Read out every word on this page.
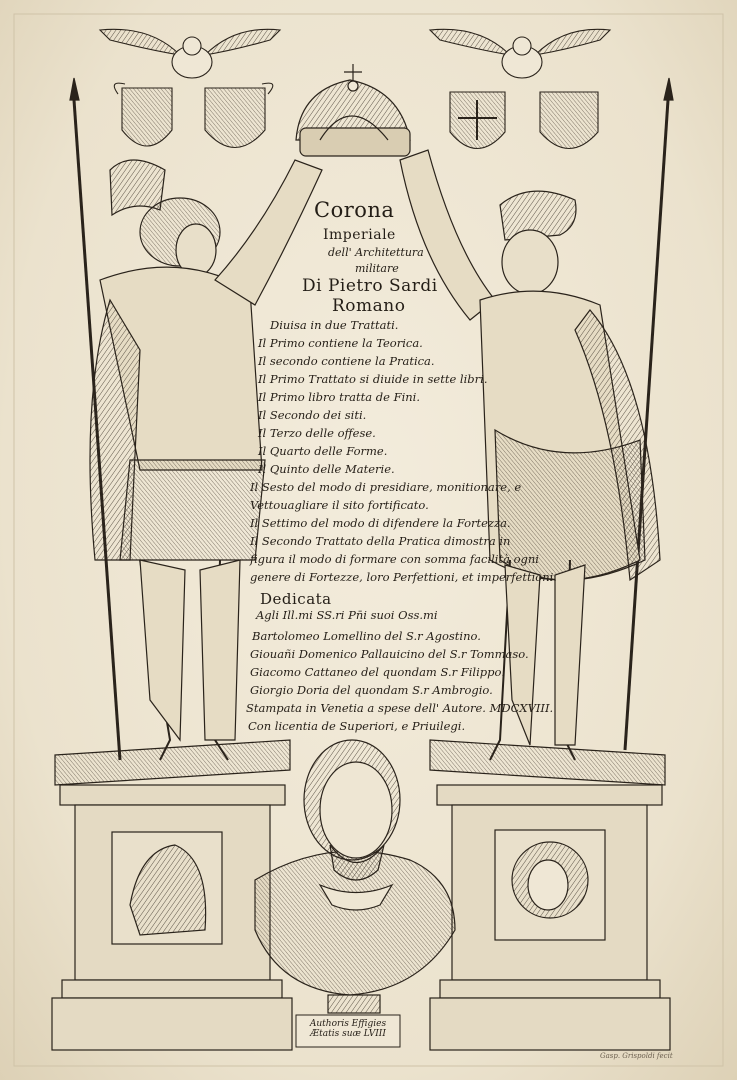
Corona
Imperiale
dell' Architettura
militare
Di Pietro Sardi
Romano
Diuisa in due Trattati.
Il Primo contiene la Teorica.
Il secondo contiene la Pratica.
Il Primo Trattato si diuide in sette libri.
Il Primo libro tratta de Fini.
Il Secondo dei siti.
Il Terzo delle offese.
Il Quarto delle Forme.
Il Quinto delle Materie.
Il Sesto del modo di presidiare, monitionare, e
Vettouagliare il sito fortificato.
Il Settimo del modo di difendere la Fortezza.
Il Secondo Trattato della Pratica dimostra in
figura il modo di formare con somma facilità ogni
genere di Fortezze, loro Perfettioni, et imperfettioni.
Dedicata
Agli Ill.mi SS.ri Pn̄i suoi Oss.mi
Bartolomeo Lomellino del S.r Agostino.
Giouañi Domenico Pallauicino del S.r Tommaso.
Giacomo Cattaneo del quondam S.r Filippo.
Giorgio Doria del quondam S.r Ambrogio.
Stampata in Venetia a spese dell' Autore. MDCXVIII.
Con licentia de Superiori, e Priuilegi.
Authoris Effigies
Ætatis suæ LVIII
Gasp. Grispoldi fecit
